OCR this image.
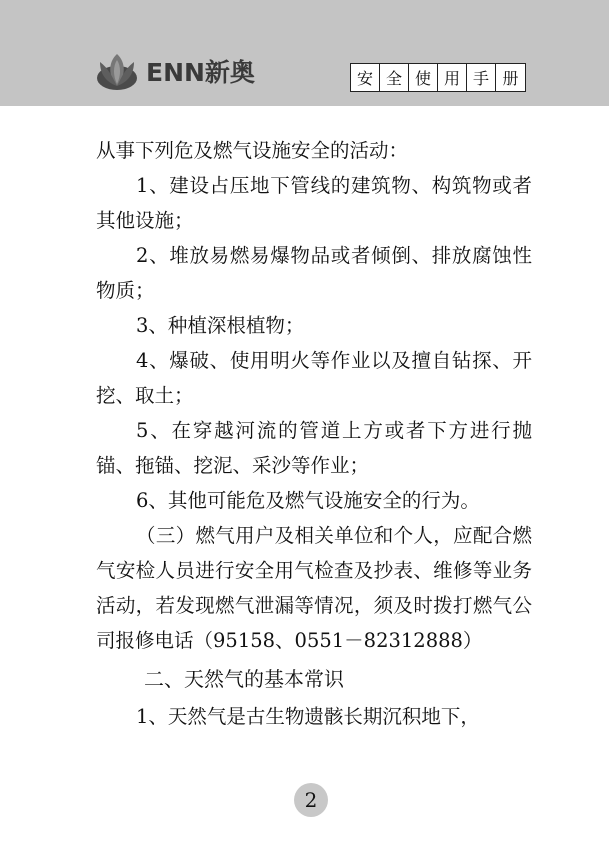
ENN新奥	安 全 使 用 手 册

从事下列危及燃气设施安全的活动：

1、建设占压地下管线的建筑物、构筑物或者其他设施；

2、堆放易燃易爆物品或者倾倒、排放腐蚀性物质；

3、种植深根植物；

4、爆破、使用明火等作业以及擅自钻探、开挖、取土；

5、在穿越河流的管道上方或者下方进行抛锚、拖锚、挖泥、采沙等作业；

6、其他可能危及燃气设施安全的行为。

（三）燃气用户及相关单位和个人，应配合燃气安检人员进行安全用气检查及抄表、维修等业务活动，若发现燃气泄漏等情况，须及时拨打燃气公司报修电话（95158、0551－82312888）

二、天然气的基本常识

1、天然气是古生物遗骸长期沉积地下，

2
